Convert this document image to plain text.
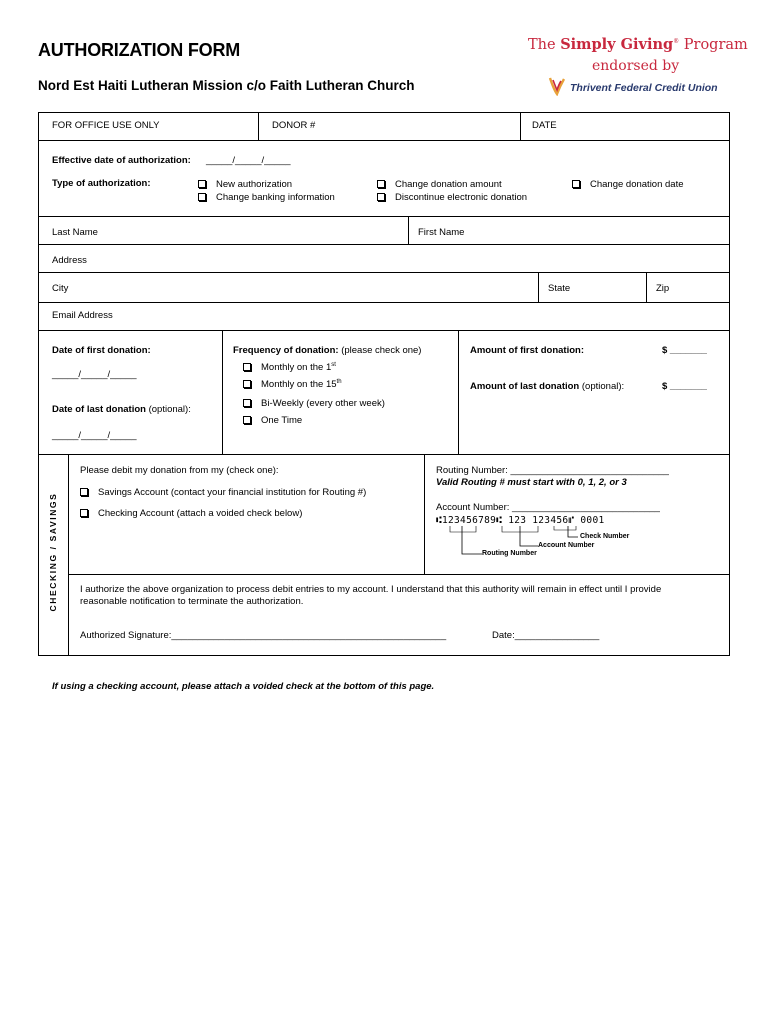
AUTHORIZATION FORM
Nord Est Haiti Lutheran Mission c/o Faith Lutheran Church
The Simply Giving® Program
endorsed by
Thrivent Federal Credit Union
FOR OFFICE USE ONLY	DONOR #	DATE
Effective date of authorization: _____/_____/_____
Type of authorization:	New authorization
Change banking information
Change donation amount
Discontinue electronic donation
Change donation date
Last Name	First Name
Address
City	State	Zip
Email Address
Date of first donation:
_____/_____/_____
Date of last donation (optional):
_____/_____/_____
Frequency of donation: (please check one)
Monthly on the 1st
Monthly on the 15th
Bi-Weekly (every other week)
One Time
Amount of first donation:	$ _______
Amount of last donation (optional):	$ _______
CHECKING / SAVINGS
Please debit my donation from my (check one):
Savings Account (contact your financial institution for Routing #)
Checking Account (attach a voided check below)
Routing Number: ______________________________
Valid Routing # must start with 0, 1, 2, or 3
Account Number: ____________________________
⑆123456789⑆ 123 123456⑈ 0001
Check Number
Account Number
Routing Number
I authorize the above organization to process debit entries to my account. I understand that this authority will remain in effect until I provide reasonable notification to terminate the authorization.
Authorized Signature:____________________________________________________	Date:________________
If using a checking account, please attach a voided check at the bottom of this page.
